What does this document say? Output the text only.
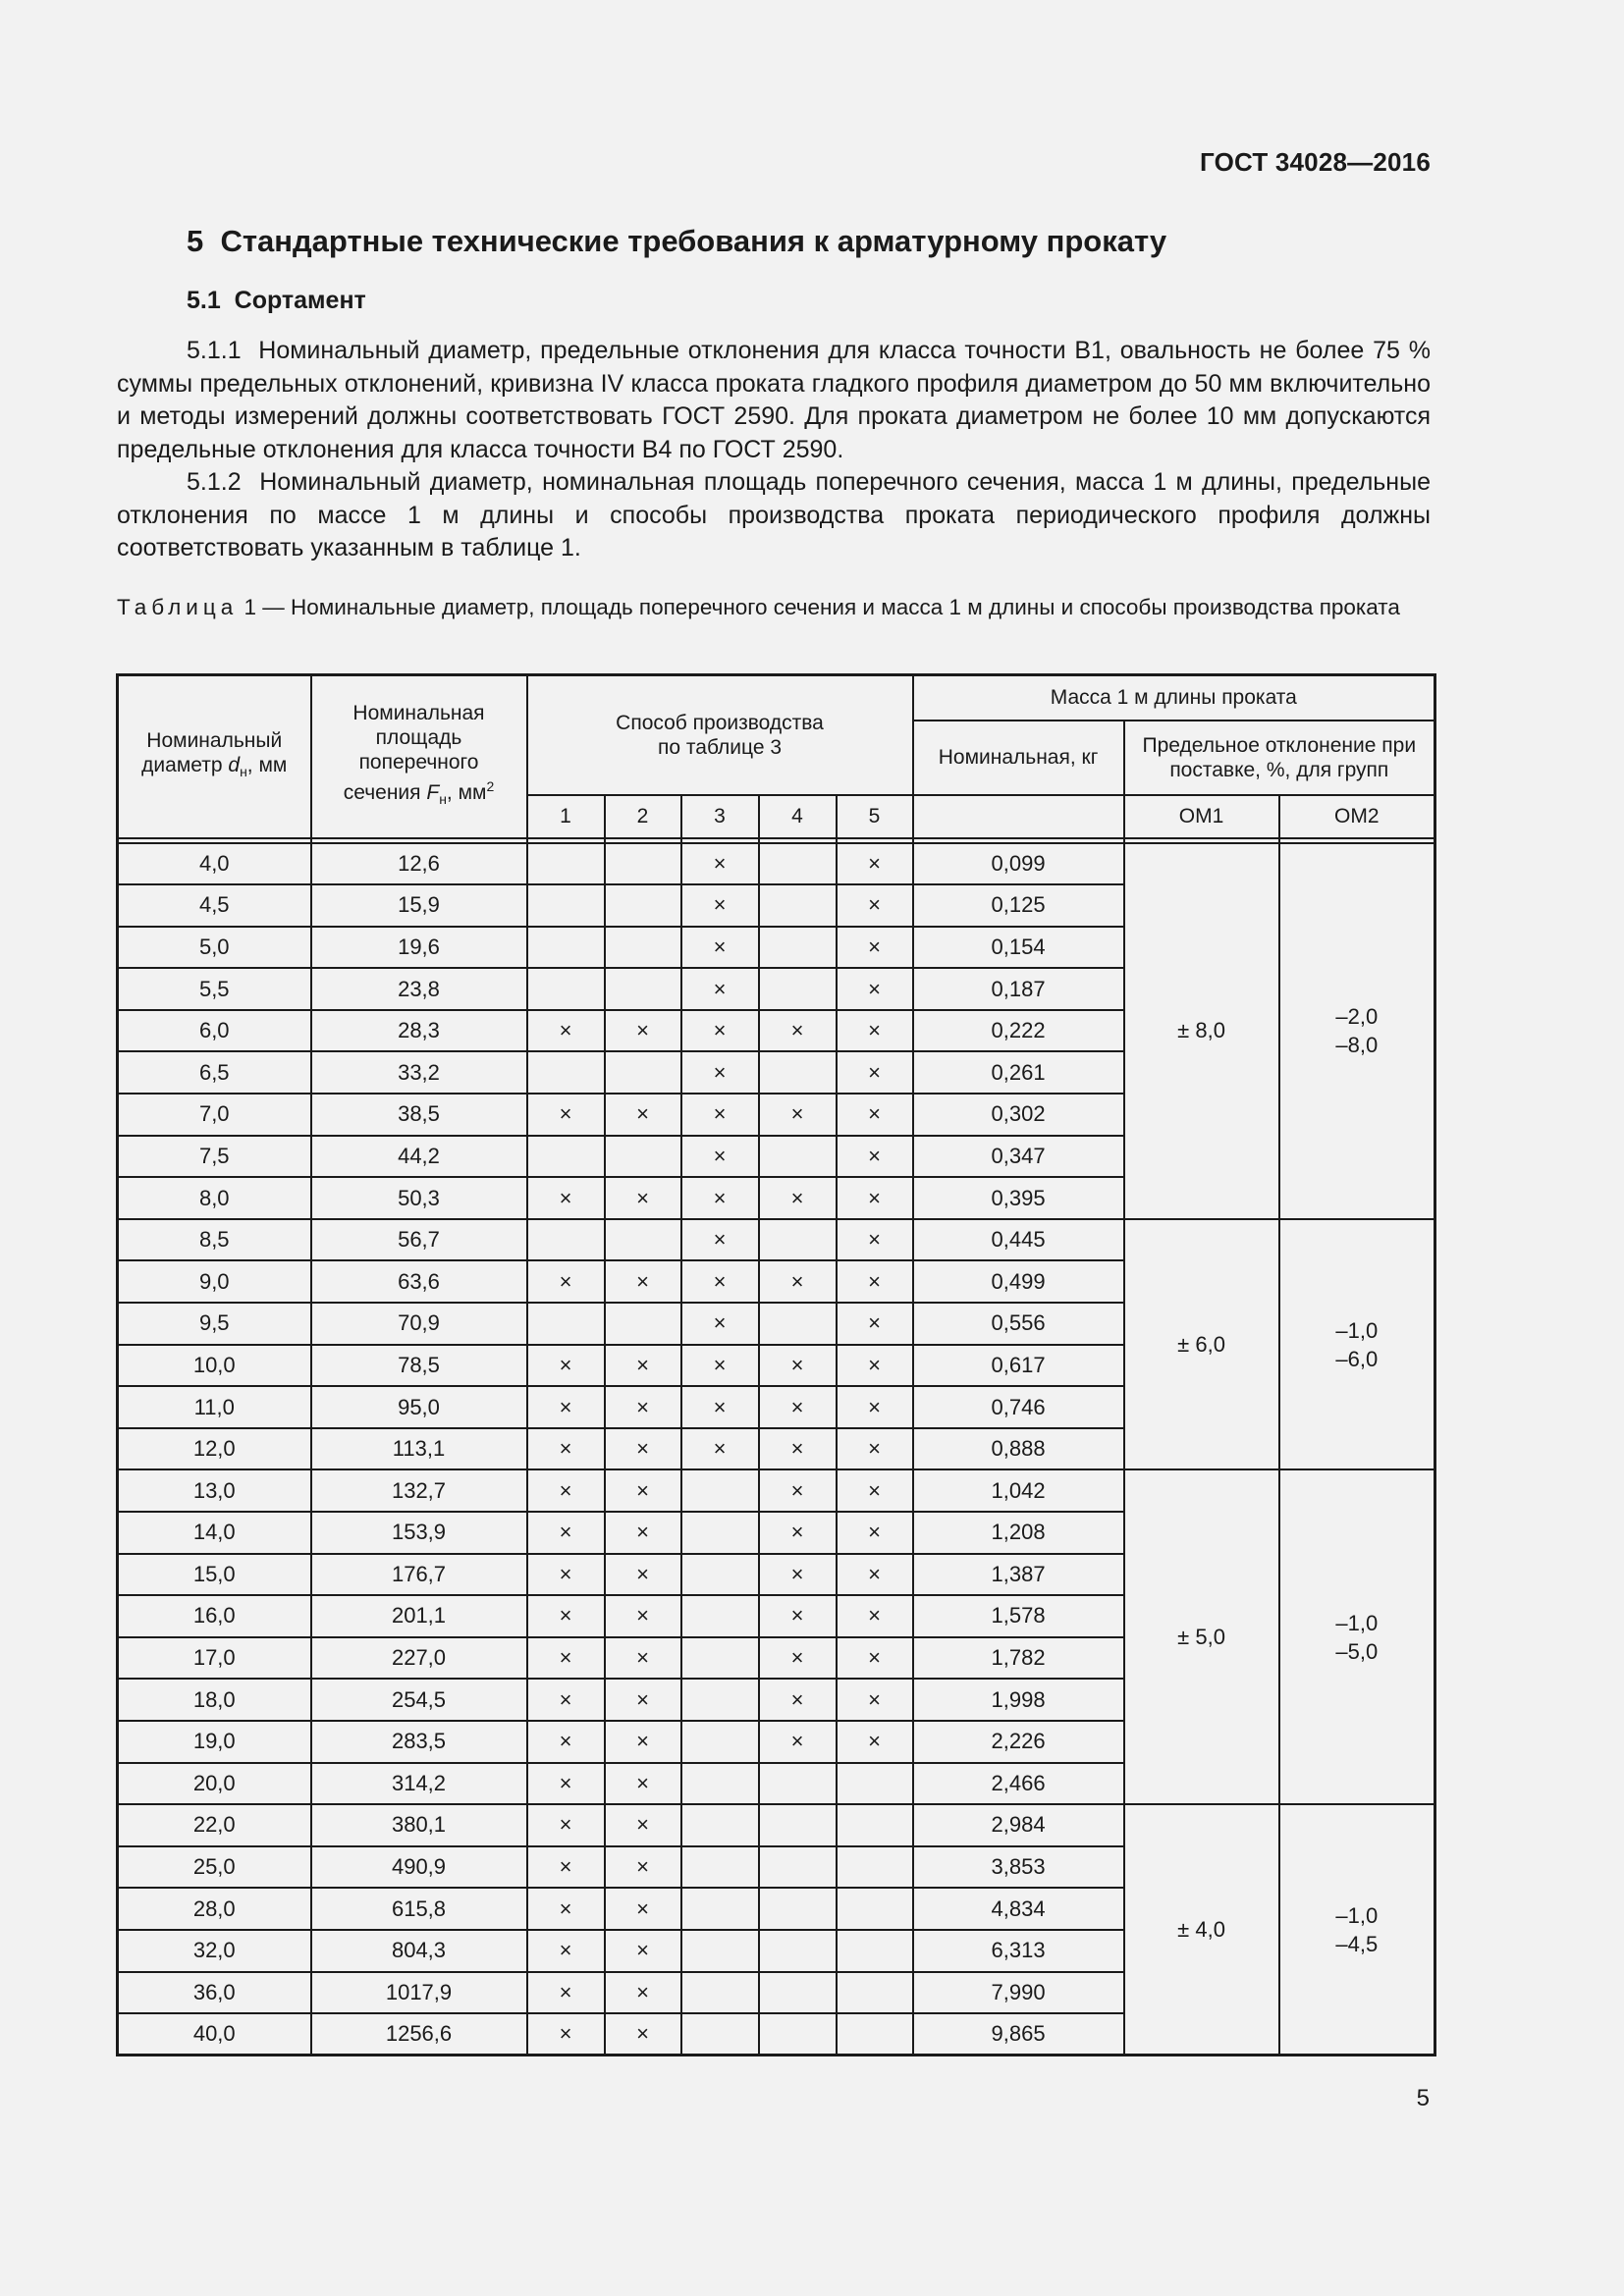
ГОСТ 34028—2016
5  Стандартные технические требования к арматурному прокату
5.1  Сортамент
5.1.1  Номинальный диаметр, предельные отклонения для класса точности В1, овальность не более 75 % суммы предельных отклонений, кривизна IV класса проката гладкого профиля диаметром до 50 мм включительно и методы измерений должны соответствовать ГОСТ 2590. Для проката диаметром не более 10 мм допускаются предельные отклонения для класса точности В4 по ГОСТ 2590.
5.1.2  Номинальный диаметр, номинальная площадь поперечного сечения, масса 1 м длины, предельные отклонения по массе 1 м длины и способы производства проката периодического профиля должны соответствовать указанным в таблице 1.
Таблица 1 — Номинальные диаметр, площадь поперечного сечения и масса 1 м длины и способы производства проката
Номинальный
диаметр $d_н$, мм	Номинальная площадь поперечного
сечения $F_н$, $мм^2$	Способ производства по таблице 3					Масса 1 м длины проката		
							Номинальная, кг	Предельное отклонение при поставке, %, для групп	

		1	2	3	4	5		ОМ1	ОМ2

4,0	12,6			×		×	0,099	± 8,0	–2,0
–8,0

4,5	15,9			×		×	0,125		
5,0	19,6			×		×	0,154		
5,5	23,8			×		×	0,187		
6,0	28,3	×	×	×	×	×	0,222		
6,5	33,2			×		×	0,261		
7,0	38,5	×	×	×	×	×	0,302		
7,5	44,2			×		×	0,347		
8,0	50,3	×	×	×	×	×	0,395		
8,5	56,7			×		×	0,445	± 6,0	–1,0
–6,0

9,0	63,6	×	×	×	×	×	0,499		
9,5	70,9			×		×	0,556		
10,0	78,5	×	×	×	×	×	0,617		
11,0	95,0	×	×	×	×	×	0,746		
12,0	113,1	×	×	×	×	×	0,888		
13,0	132,7	×	×		×	×	1,042	± 5,0	–1,0
–5,0

14,0	153,9	×	×		×	×	1,208		
15,0	176,7	×	×		×	×	1,387		
16,0	201,1	×	×		×	×	1,578		
17,0	227,0	×	×		×	×	1,782		
18,0	254,5	×	×		×	×	1,998		
19,0	283,5	×	×		×	×	2,226		
20,0	314,2	×	×				2,466		
22,0	380,1	×	×				2,984	± 4,0	–1,0
–4,5

25,0	490,9	×	×				3,853		
28,0	615,8	×	×				4,834		
32,0	804,3	×	×				6,313		
36,0	1017,9	×	×				7,990		
40,0	1256,6	×	×				9,865		
5
